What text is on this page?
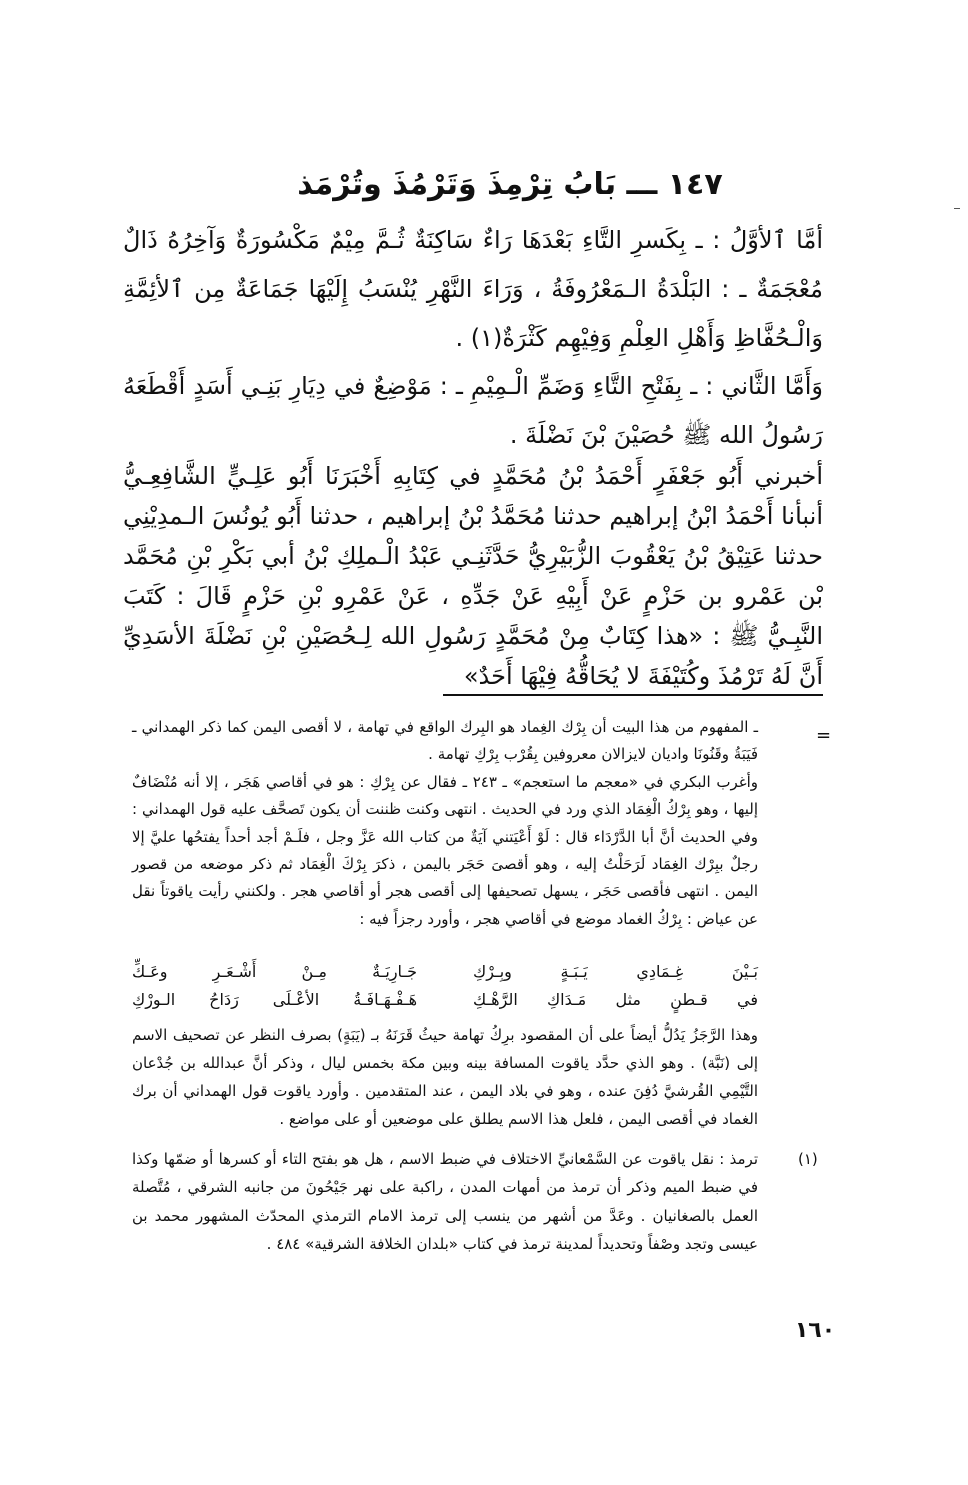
١٤٧ ـــ بَابُ تِرْمِذَ وَتَرْمُذَ وتُرْمَذ

أمَّا ٱلأوَّلُ : ـ بِكَسرِ التَّاءِ بَعْدَهَا رَاءٌ سَاكِنَةٌ ثُـمَّ مِيْمٌ مَكْسُورَةٌ وَآخِرُهُ ذَالٌ مُعْجَمَةٌ ـ : البَلْدَةُ الـمَعْرُوفَةُ ، وَرَاءَ النَّهْرِ يُنْسَبُ إِلَيْهَا جَمَاعَةٌ مِن ٱلأئِمَّةِ وَالْـحُفَّاظِ وَأَهْلِ العِلْمِ وَفِيْهِم كَثْرَةٌ(١) .

وَأَمَّا الثَّاني : ـ بِفَتْحِ التَّاءِ وَضَمِّ الْـمِيْمِ ـ : مَوْضِعٌ في دِيَارِ بَنِـي أَسَدٍ أَقْطَعَهُ رَسُولُ الله ﷺ حُصَيْنَ بْنَ نَضْلَةَ .

أخبرني أَبُو جَعْفَرٍ أَحْمَدُ بْنُ مُحَمَّدٍ في كِتَابِهِ أَخْبَرَنَا أَبُو عَلِـيٍّ الشَّافِعِـيُّ أنبأنا أَحْمَدُ ابْنُ إبراهيم حدثنا مُحَمَّدُ بْنُ إبراهيم ، حدثنا أَبُو يُونُسَ الـمدِيْنِي حدثنا عَتِيْقُ بْنُ يَعْقُوبَ الزُّبَيْرِيُّ حَدَّثَنِـي عَبْدُ الْـملِكِ بْنُ أبي بَكْرِ بْنِ مُحَمَّد بْن عَمْرو بن حَزْمٍ عَنْ أَبِيْهِ عَنْ جَدِّهِ ، عَنْ عَمْرِو بْنِ حَزْمٍ قَالَ : كَتَبَ النَّبِـيُّ ﷺ : «هذا كِتَابٌ مِنْ مُحَمَّدٍ رَسُولِ الله لِـحُصَيْنِ بْنِ نَضْلَةَ الأسَدِيِّ أَنَّ لَهُ تَرْمُذَ وكُتَيْفَةَ لا يُحَاقُّهُ فِيْهَا أَحَدٌ»

=

ـ المفهوم من هذا البيت أن بِرْك الغِماد هو البِرك الواقع في تهامة ، لا أقصى اليمن كما ذكر الهمداني ـ فَيَبَةُ وقَنُونَا واديان لايزالان معروفين بِقُرْب بِرْكِ تهامة .

وأغرب البكري في «معجم ما استعجم» ـ ٢٤٣ ـ فقال عن بِرْكِ : هو في أقاصي هَجَر ، إلا أنه مُنْضَافٌ إليها ، وهو بِرْكُ الْغِمَاد الذي ورد في الحديث . انتهى وكنت ظننت أن يكون تَصحَّف عليه قول الهمداني : وفي الحديث أنَّ أبا الدَّرْدَاء قال : لَوْ أَعْيَتني آيَةٌ من كتاب الله عَزَّ وجل ، فلَـمْ أجد أحداً يفتحُها عليَّ إلا رجلٌ ببِرْك الغِمَاد لَرَحَلْتُ إليه ، وهو أقصىَ حَجَر باليمن ، ذكرَ بِرْكَ الْغِمَاد ثم ذكر موضعه من قصور اليمن . انتهى فأقصى حَجَر ، يسهل تصحيفها إلى أقصى هجر أو أقاصي هجر . ولكنني رأيت ياقوتاً نقل عن عياض : بِرْكُ الغماد موضع في أقاصي هجر ، وأورد رجزاً فيه :

بَـيْنَ غِـمَادِي يَـبَـةٍ وبِـرْكِ
جَـارِيَـةٌ مِـنْ أَشْـعَـرِ وعَـكِّ
في قـطنٍ مثل مَـدَاكِ الرَّهْـكِ
هَـفْـهَـافَـةُ الأعْـلَى رَدَاحُ الـورْكِ

وهذا الرَّجَزُ يَدُلُّ أيضاً على أن المقصود برِكُ تهامة حيثُ قَرَنَهُ بـ (يَبَةٍ) بصرف النظر عن تصحيف الاسم إلى (نَبَّة) . وهو الذي حدَّد ياقوت المسافة بينه وبين مكة بخمس ليال ، وذكر أنَّ عبدالله بن جُدْعان التَّيْمِي القُرشيَّ دُفِنَ عنده ، وهو في بلاد اليمن ، عند المتقدمين . وأورد ياقوت قول الهمداني أن برك الغماد في أقصى اليمن ، فلعل هذا الاسم يطلق على موضعين أو على مواضع .

(١)

ترمذ : نقل ياقوت عن السَّمْعانيِّ الاختلاف في ضبط الاسم ، هل هو بفتح التاء أو كسرها أو ضمّها وكذا في ضبط الميم وذكر أن ترمذ من أمهات المدن ، راكبة على نهر جَيْحُونَ من جانبه الشرقي ، مُتَّصلة العمل بالصغانيان . وعَدَّ من أشهر من ينسب إلى ترمذ الامام الترمذي المحدّث المشهور محمد بن عيسى وتجد وصْفاً وتحديداً لمدينة ترمذ في كتاب «بلدان الخلافة الشرقية» ٤٨٤ .

١٦٠
